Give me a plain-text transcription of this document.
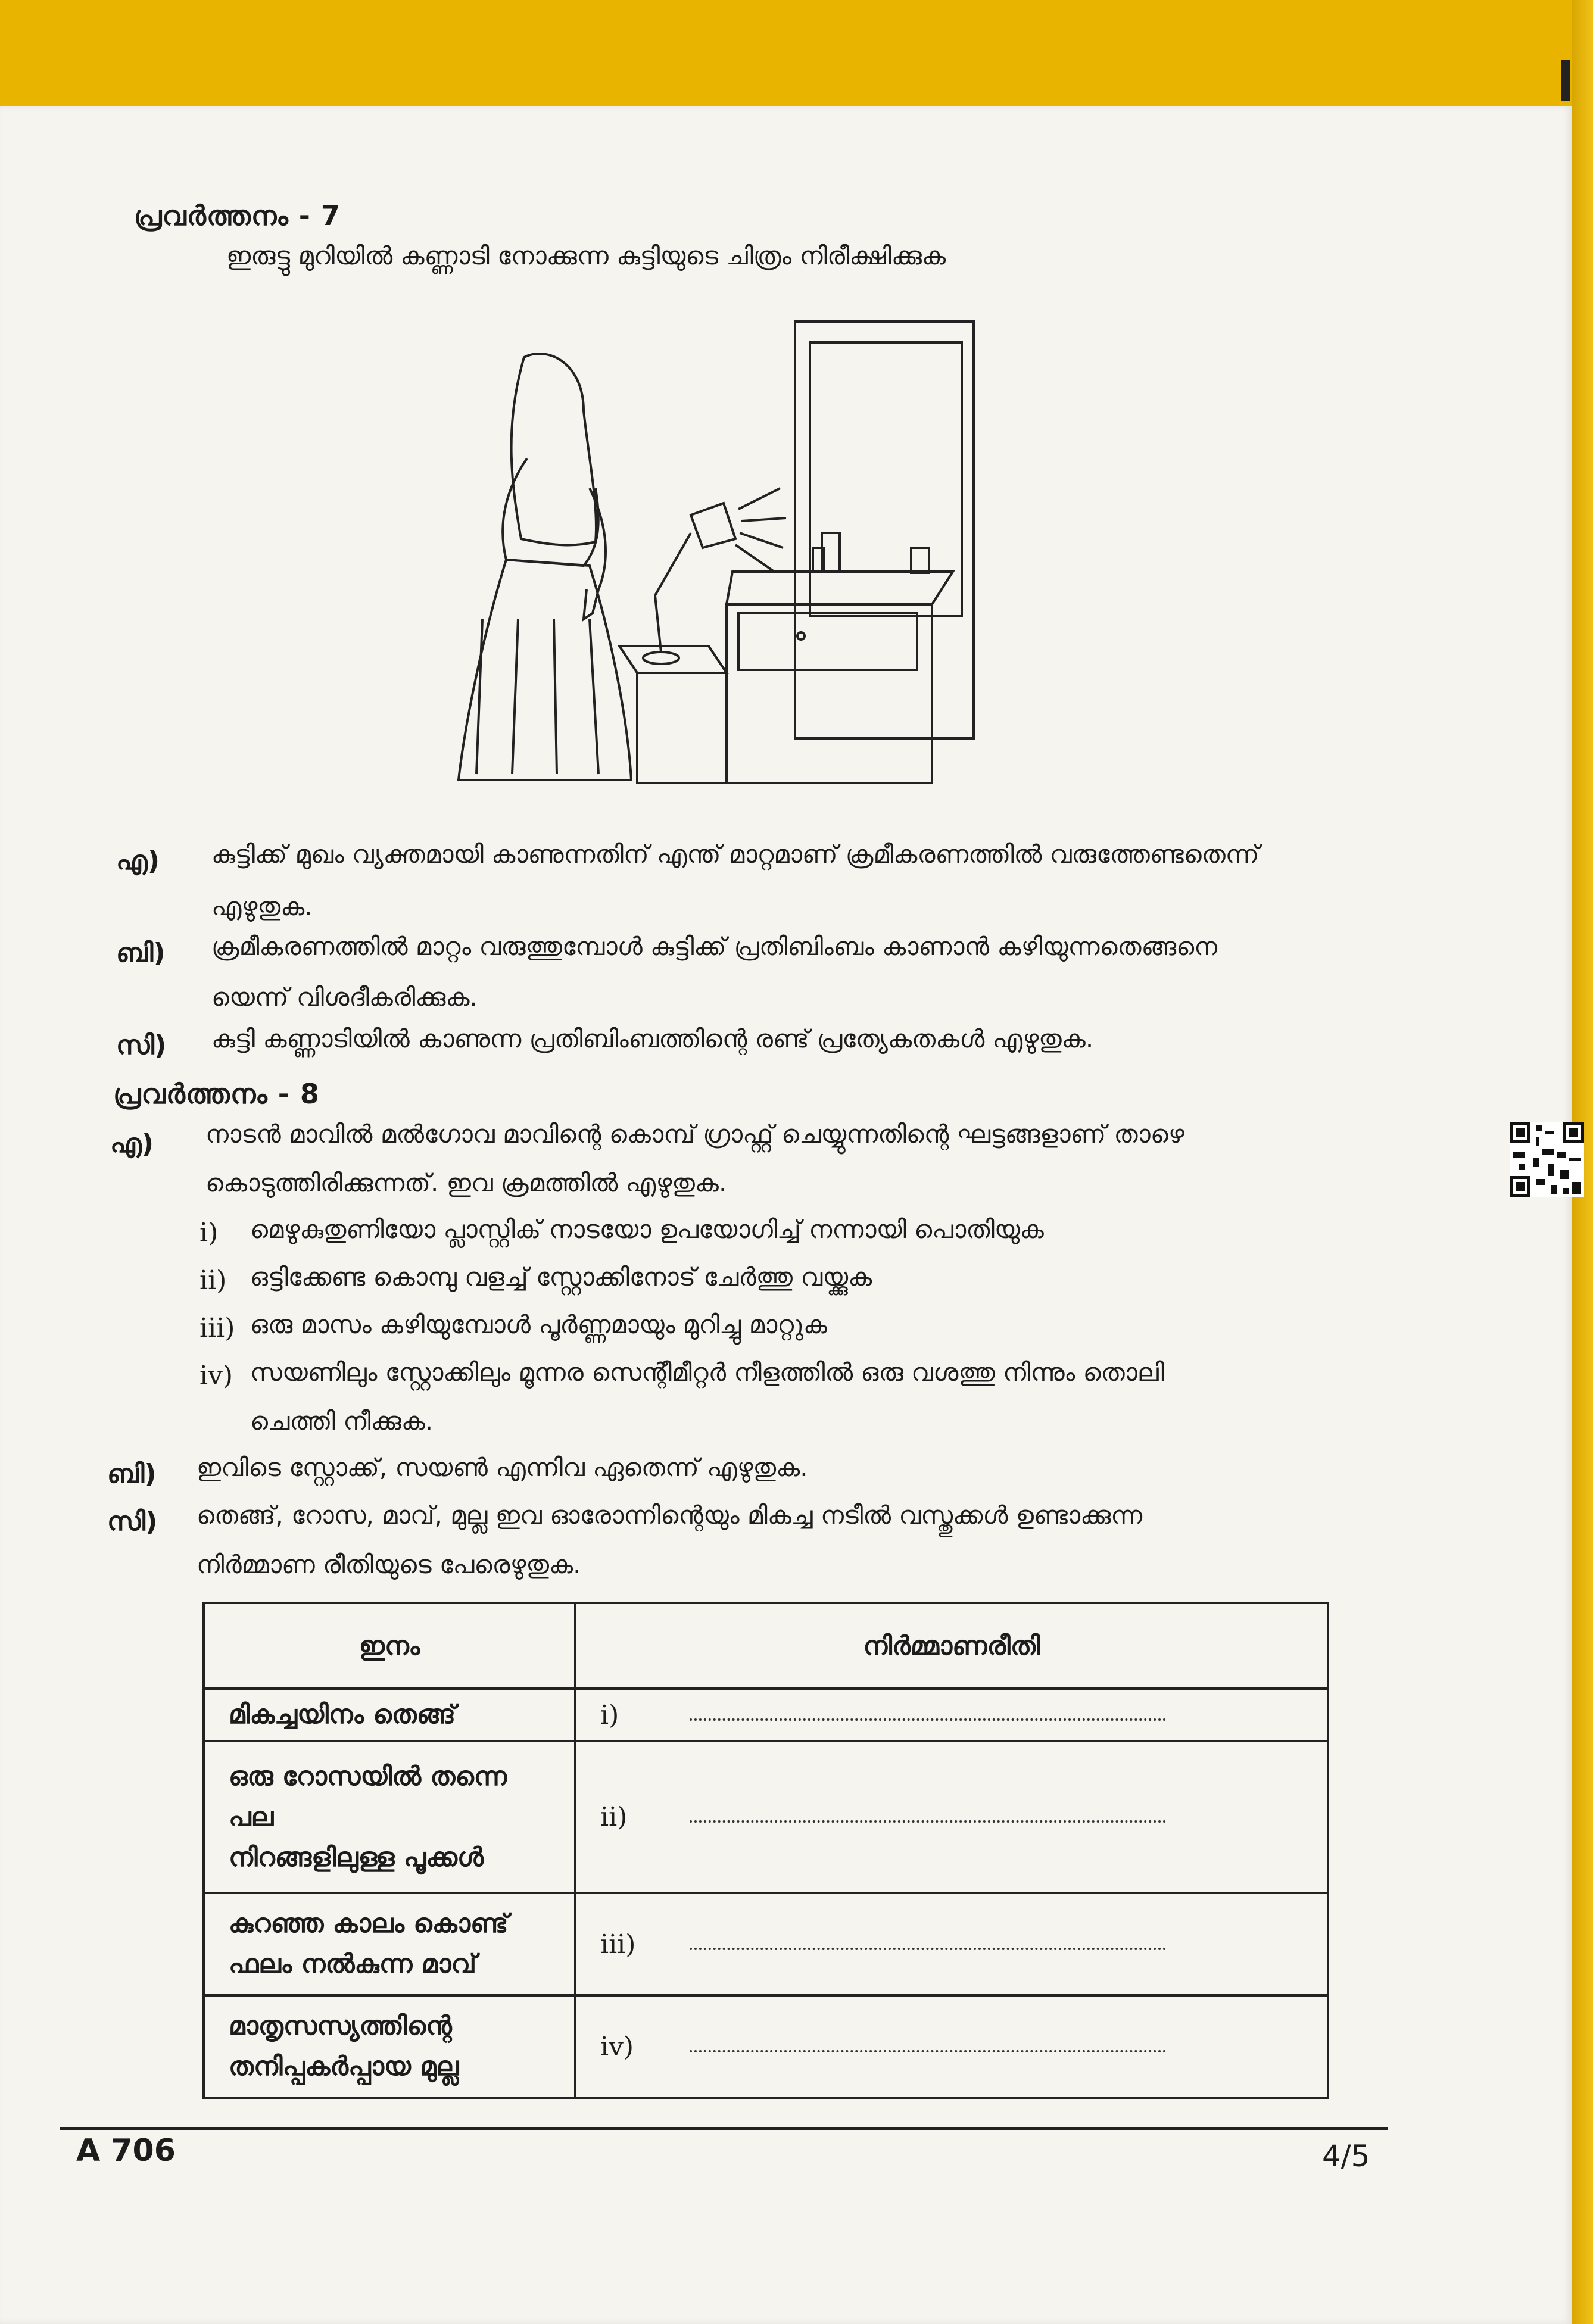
പ്രവർത്തനം - 7
ഇരുട്ടു മുറിയിൽ കണ്ണാടി നോക്കുന്ന കുട്ടിയുടെ ചിത്രം നിരീക്ഷിക്കുക
എ) കുട്ടിക്ക് മുഖം വ്യക്തമായി കാണുന്നതിന് എന്ത് മാറ്റമാണ് ക്രമീകരണത്തിൽ വരുത്തേണ്ടതെന്ന്
എഴുതുക.
ബി) ക്രമീകരണത്തിൽ മാറ്റം വരുത്തുമ്പോൾ കുട്ടിക്ക് പ്രതിബിംബം കാണാൻ കഴിയുന്നതെങ്ങനെ
യെന്ന് വിശദീകരിക്കുക.
സി) കുട്ടി കണ്ണാടിയിൽ കാണുന്ന പ്രതിബിംബത്തിന്റെ രണ്ട് പ്രത്യേകതകൾ എഴുതുക.
പ്രവർത്തനം - 8
എ) നാടൻ മാവിൽ മൽഗോവ മാവിന്റെ കൊമ്പ് ഗ്രാഫ്റ്റ് ചെയ്യുന്നതിന്റെ ഘട്ടങ്ങളാണ് താഴെ
കൊടുത്തിരിക്കുന്നത്. ഇവ ക്രമത്തിൽ എഴുതുക.
i) മെഴുകുതുണിയോ പ്ലാസ്റ്റിക് നാടയോ ഉപയോഗിച്ച് നന്നായി പൊതിയുക
ii) ഒട്ടിക്കേണ്ട കൊമ്പു വളച്ച് സ്റ്റോക്കിനോട് ചേർത്തു വയ്ക്കുക
iii) ഒരു മാസം കഴിയുമ്പോൾ പൂർണ്ണമായും മുറിച്ചു മാറ്റുക
iv) സയണിലും സ്റ്റോക്കിലും മൂന്നര സെന്റീമീറ്റർ നീളത്തിൽ ഒരു വശത്തു നിന്നും തൊലി
ചെത്തി നീക്കുക.
ബി) ഇവിടെ സ്റ്റോക്ക്, സയൺ എന്നിവ ഏതെന്ന് എഴുതുക.
സി) തെങ്ങ്, റോസ, മാവ്, മുല്ല ഇവ ഓരോന്നിന്റെയും മികച്ച നടീൽ വസ്തുക്കൾ ഉണ്ടാക്കുന്ന
നിർമ്മാണ രീതിയുടെ പേരെഴുതുക.
ഇനം	നിർമ്മാണരീതി

മികച്ചയിനം തെങ്ങ്	i)

ഒരു റോസയിൽ തന്നെ പല
നിറങ്ങളിലുള്ള പൂക്കൾ	ii)

കുറഞ്ഞ കാലം കൊണ്ട്
ഫലം നൽകുന്ന മാവ്	iii)

മാതൃസസ്യത്തിന്റെ
തനിപ്പകർപ്പായ മുല്ല	iv)
A 706	4/5
